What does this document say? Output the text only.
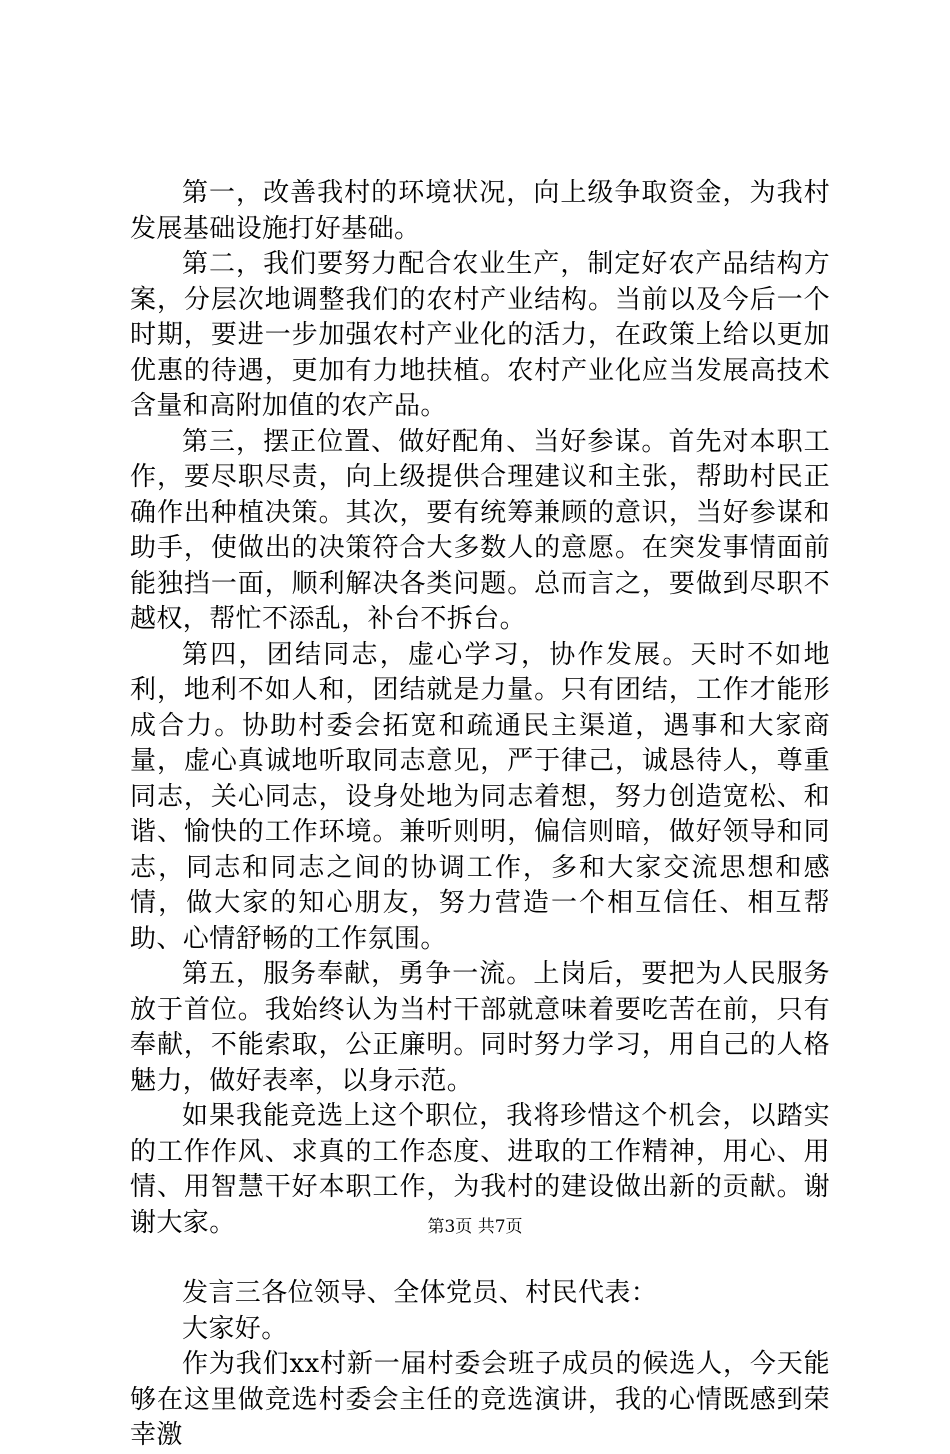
第一，改善我村的环境状况，向上级争取资金，为我村发展基础设施打好基础。

第二，我们要努力配合农业生产，制定好农产品结构方案，分层次地调整我们的农村产业结构。当前以及今后一个时期，要进一步加强农村产业化的活力，在政策上给以更加优惠的待遇，更加有力地扶植。农村产业化应当发展高技术含量和高附加值的农产品。

第三，摆正位置、做好配角、当好参谋。首先对本职工作，要尽职尽责，向上级提供合理建议和主张，帮助村民正确作出种植决策。其次，要有统筹兼顾的意识，当好参谋和助手，使做出的决策符合大多数人的意愿。在突发事情面前能独挡一面，顺利解决各类问题。总而言之，要做到尽职不越权，帮忙不添乱，补台不拆台。

第四，团结同志，虚心学习，协作发展。天时不如地利，地利不如人和，团结就是力量。只有团结，工作才能形成合力。协助村委会拓宽和疏通民主渠道，遇事和大家商量，虚心真诚地听取同志意见，严于律己，诚恳待人，尊重同志，关心同志，设身处地为同志着想，努力创造宽松、和谐、愉快的工作环境。兼听则明，偏信则暗，做好领导和同志，同志和同志之间的协调工作，多和大家交流思想和感情，做大家的知心朋友，努力营造一个相互信任、相互帮助、心情舒畅的工作氛围。

第五，服务奉献，勇争一流。上岗后，要把为人民服务放于首位。我始终认为当村干部就意味着要吃苦在前，只有奉献，不能索取，公正廉明。同时努力学习，用自己的人格魅力，做好表率，以身示范。

如果我能竞选上这个职位，我将珍惜这个机会，以踏实的工作作风、求真的工作态度、进取的工作精神，用心、用情、用智慧干好本职工作，为我村的建设做出新的贡献。谢谢大家。

发言三各位领导、全体党员、村民代表：

大家好。

作为我们xx村新一届村委会班子成员的候选人，今天能够在这里做竞选村委会主任的竞选演讲，我的心情既感到荣幸激

第3页 共7页
